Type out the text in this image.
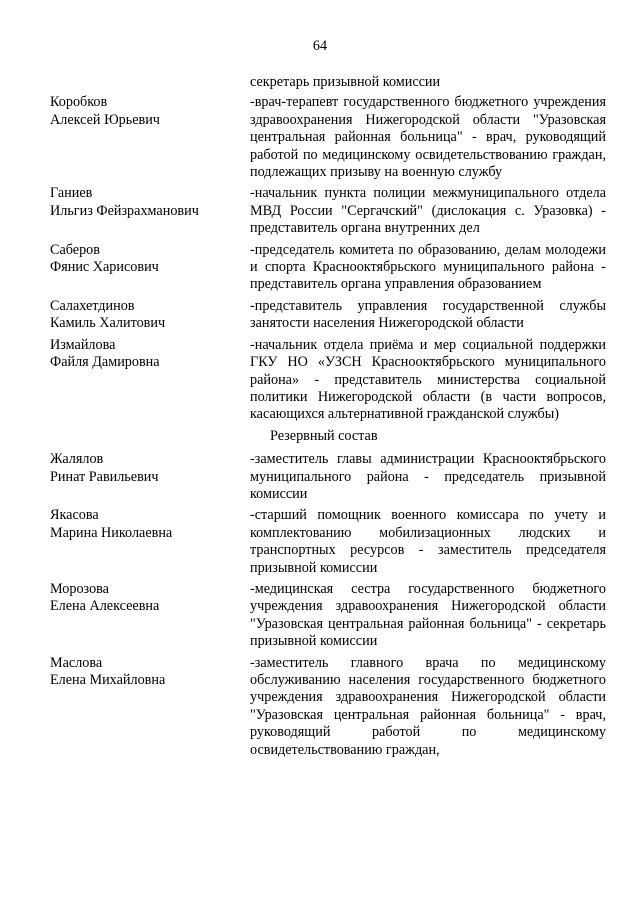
64
секретарь призывной комиссии
Коробков
Алексей Юрьевич
-врач-терапевт государственного бюджетного учреждения здравоохранения Нижегородской области "Уразовская центральная районная больница" - врач, руководящий работой по медицинскому освидетельствованию граждан, подлежащих призыву на военную службу
Ганиев
Ильгиз Фейзрахманович
-начальник пункта полиции межмуниципального отдела МВД России "Сергачский" (дислокация с. Уразовка) - представитель органа внутренних дел
Саберов
Фянис Харисович
-председатель комитета по образованию, делам молодежи и спорта Краснооктябрьского муниципального района - представитель органа управления образованием
Салахетдинов
Камиль Халитович
-представитель управления государственной службы занятости населения Нижегородской области
Измайлова
Файля Дамировна
-начальник отдела приёма и мер социальной поддержки ГКУ НО «УЗСН Краснооктябрьского муниципального района» - представитель министерства социальной политики Нижегородской области (в части вопросов, касающихся альтернативной гражданской службы)
Резервный состав
Жалялов
Ринат Равильевич
-заместитель главы администрации Краснооктябрьского муниципального района - председатель призывной комиссии
Якасова
Марина Николаевна
-старший помощник военного комиссара по учету и комплектованию мобилизационных людских и транспортных ресурсов - заместитель председателя призывной комиссии
Морозова
Елена Алексеевна
-медицинская сестра государственного бюджетного учреждения здравоохранения Нижегородской области "Уразовская центральная районная больница" - секретарь призывной комиссии
Маслова
Елена Михайловна
-заместитель главного врача по медицинскому обслуживанию населения государственного бюджетного учреждения здравоохранения Нижегородской области "Уразовская центральная районная больница" - врач, руководящий работой по медицинскому освидетельствованию граждан,
